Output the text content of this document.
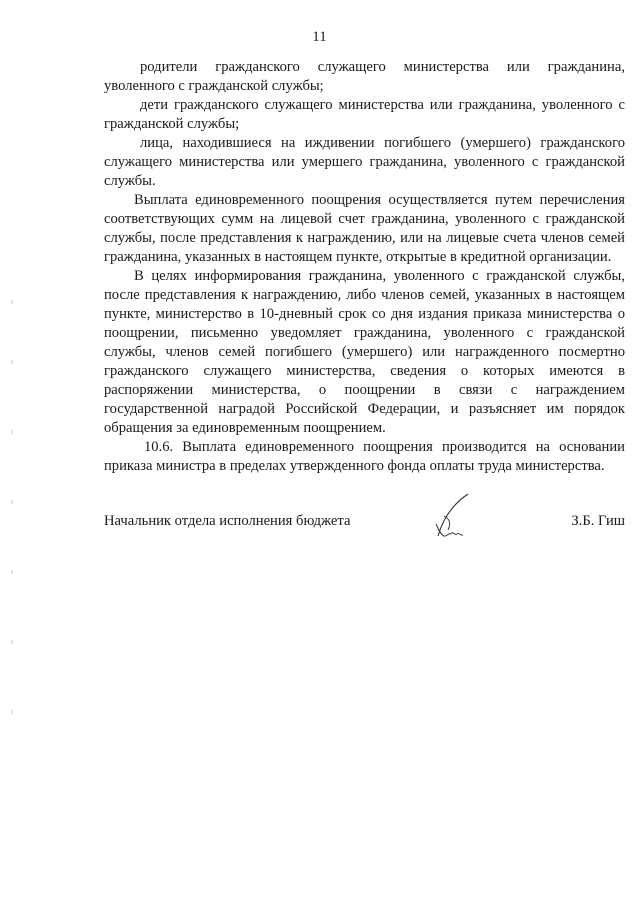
11

родители гражданского служащего министерства или гражданина, уволенного с гражданской службы;

дети гражданского служащего министерства или гражданина, уволенного с гражданской службы;

лица, находившиеся на иждивении погибшего (умершего) гражданского служащего министерства или умершего гражданина, уволенного с гражданской службы.

Выплата единовременного поощрения осуществляется путем перечисления соответствующих сумм на лицевой счет гражданина, уволенного с гражданской службы, после представления к награждению, или на лицевые счета членов семей гражданина, указанных в настоящем пункте, открытые в кредитной организации.

В целях информирования гражданина, уволенного с гражданской службы, после представления к награждению, либо членов семей, указанных в настоящем пункте, министерство в 10-дневный срок со дня издания приказа министерства о поощрении, письменно уведомляет гражданина, уволенного с гражданской службы, членов семей погибшего (умершего) или награжденного посмертно гражданского служащего министерства, сведения о которых имеются в распоряжении министерства, о поощрении в связи с награждением государственной наградой Российской Федерации, и разъясняет им порядок обращения за единовременным поощрением.

10.6. Выплата единовременного поощрения производится на основании приказа министра в пределах утвержденного фонда оплаты труда министерства.

Начальник отдела исполнения бюджета	З.Б. Гиш
